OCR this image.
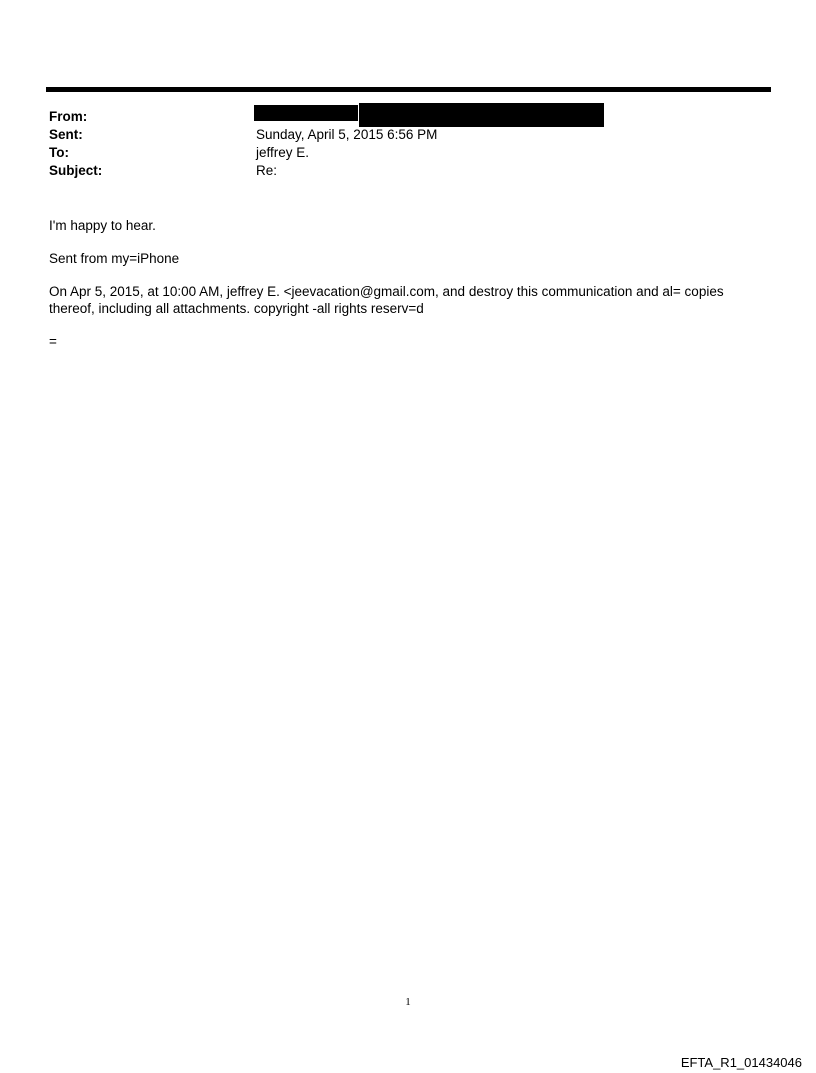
From:
Sent:	Sunday, April 5, 2015 6:56 PM
To:	jeffrey E.
Subject:	Re:

I'm happy to hear.

Sent from my=iPhone

On Apr 5, 2015, at 10:00 AM, jeffrey E. <jeevacation@gmail.com, and destroy this communication and al= copies thereof, including all attachments. copyright -all rights reserv=d

=

1
EFTA_R1_01434046
